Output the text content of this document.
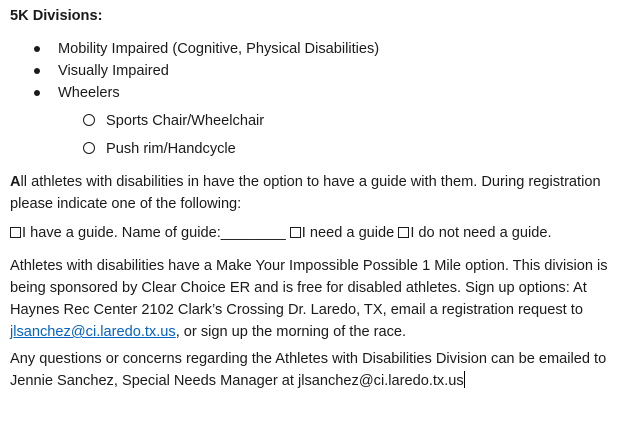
5K Divisions:
Mobility Impaired (Cognitive, Physical Disabilities)
Visually Impaired
Wheelers
Sports Chair/Wheelchair
Push rim/Handcycle

All athletes with disabilities in have the option to have a guide with them. During registration please indicate one of the following:

I have a guide. Name of guide:________ I need a guide I do not need a guide.

Athletes with disabilities have a Make Your Impossible Possible 1 Mile option. This division is being sponsored by Clear Choice ER and is free for disabled athletes. Sign up options: At Haynes Rec Center 2102 Clark’s Crossing Dr. Laredo, TX, email a registration request to jlsanchez@ci.laredo.tx.us, or sign up the morning of the race.

Any questions or concerns regarding the Athletes with Disabilities Division can be emailed to Jennie Sanchez, Special Needs Manager at jlsanchez@ci.laredo.tx.us
